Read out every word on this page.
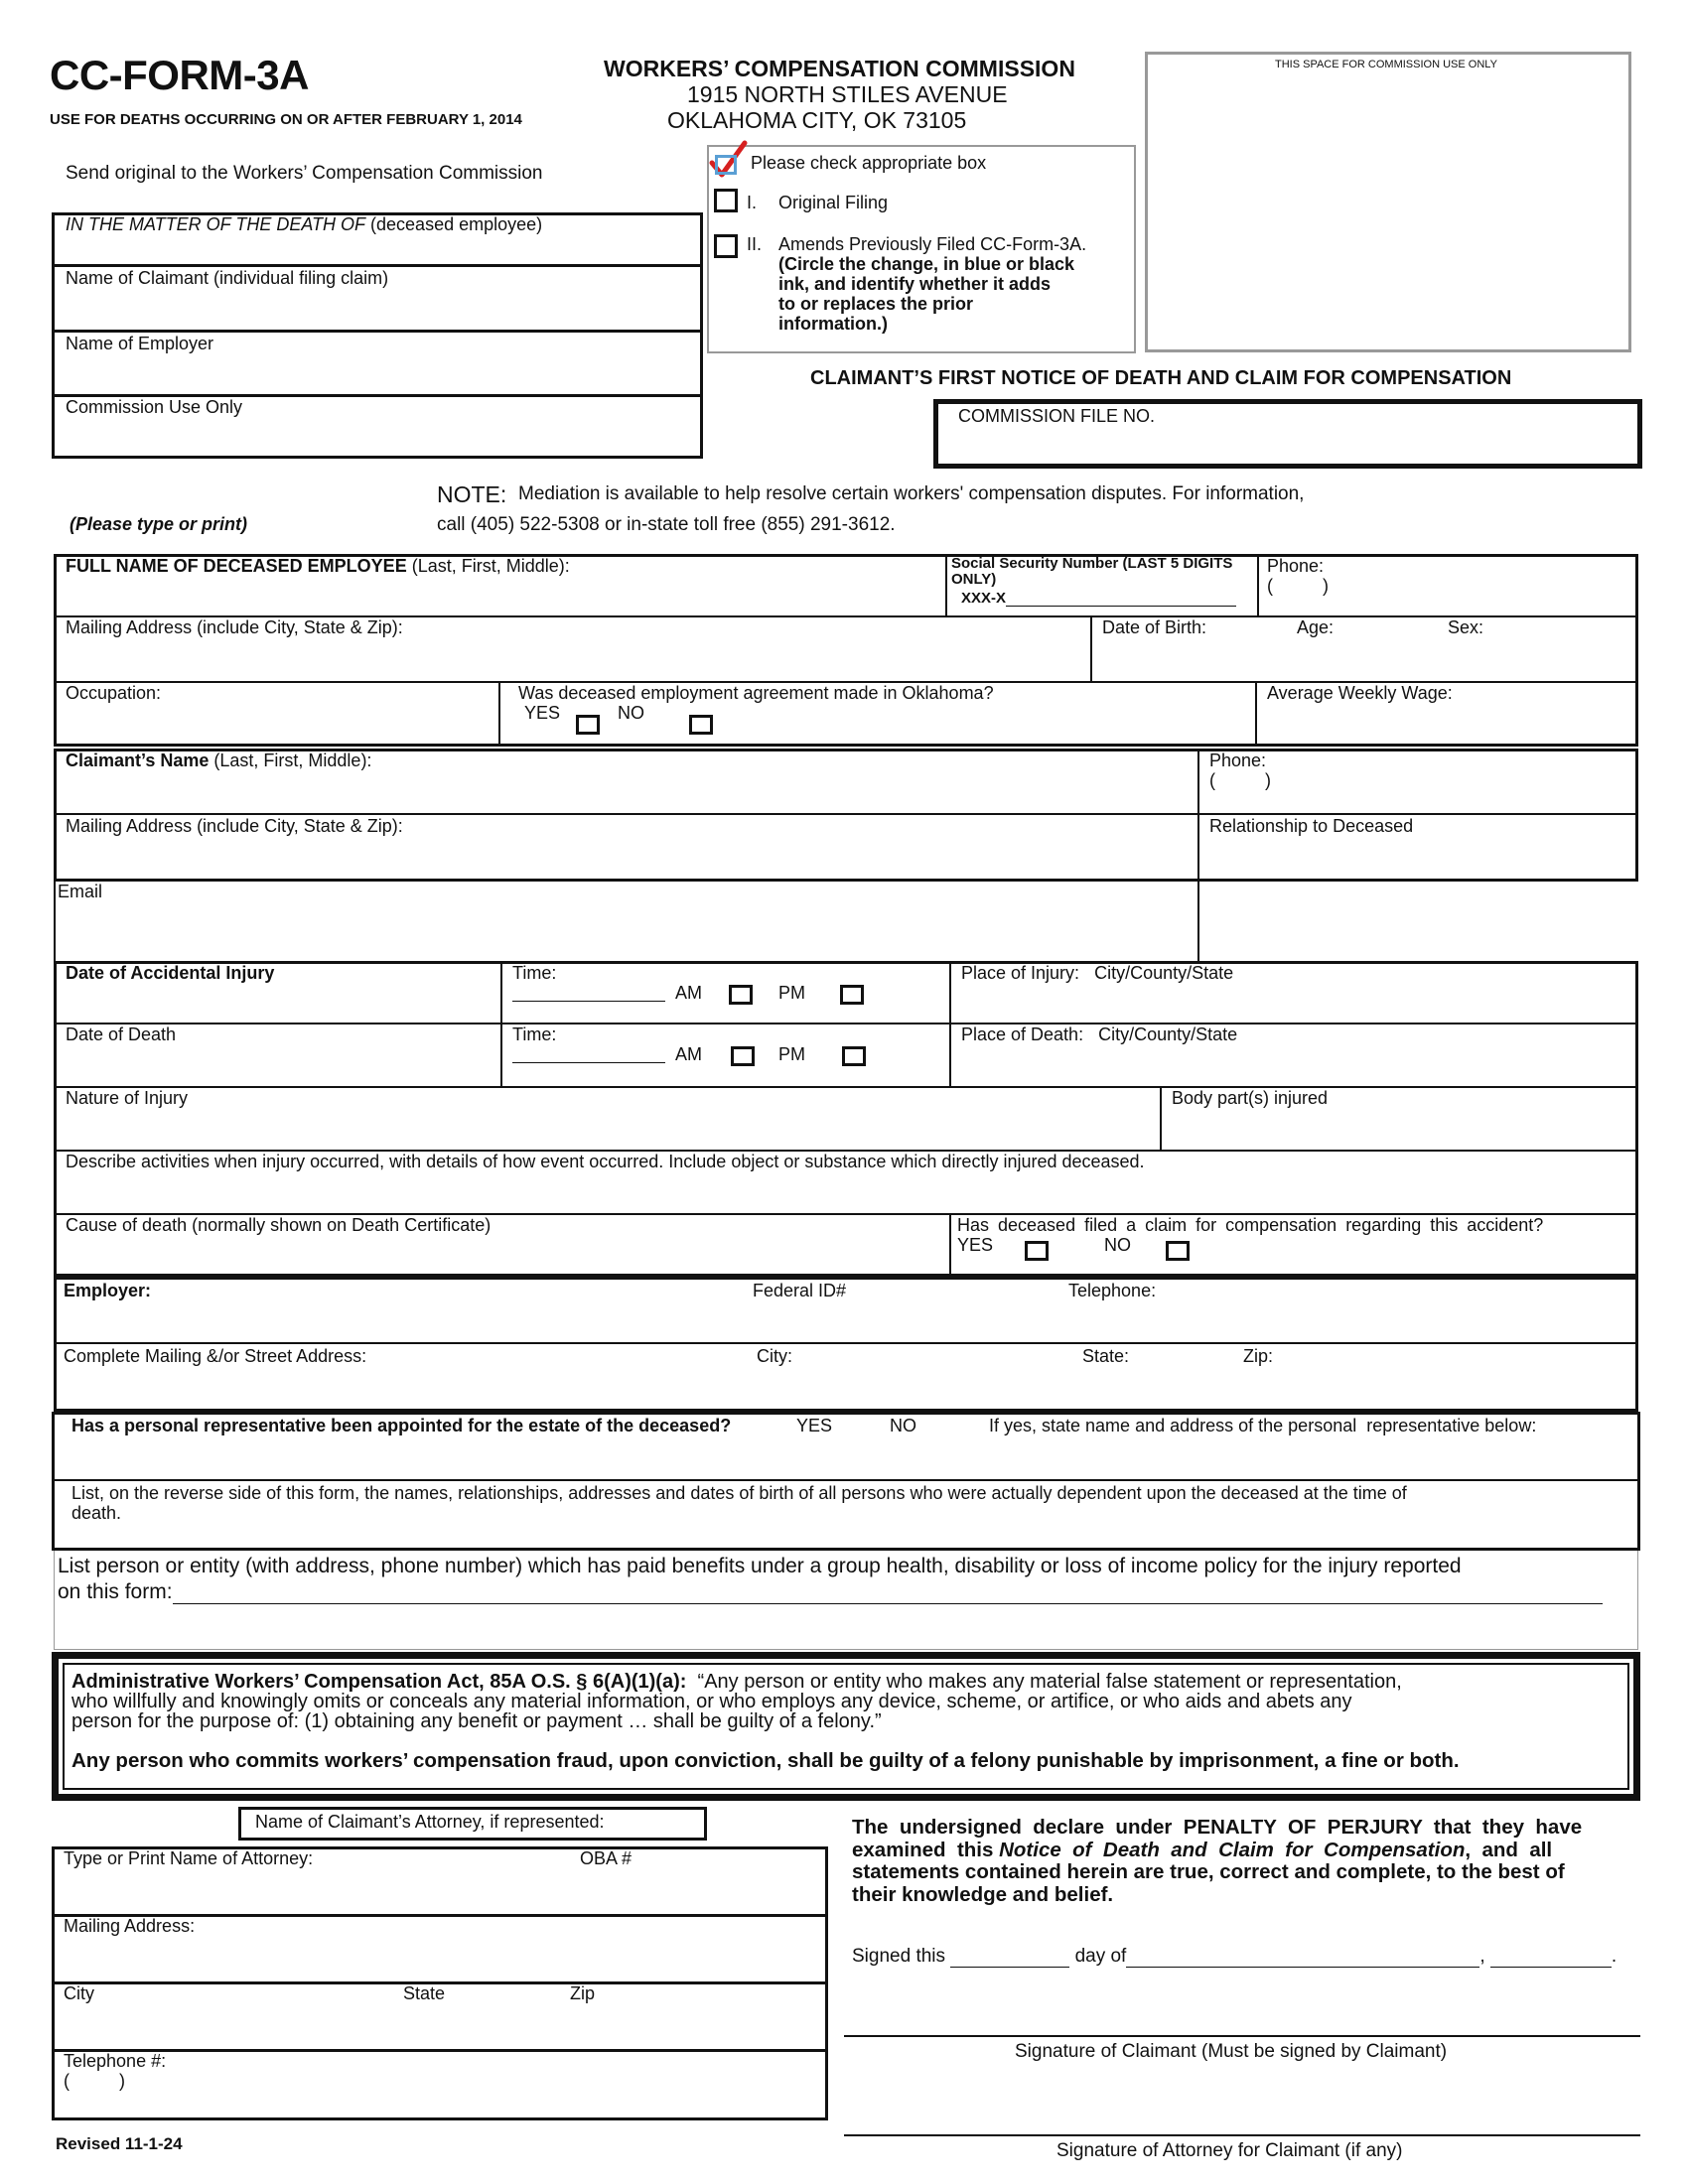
CC-FORM-3A
USE FOR DEATHS OCCURRING ON OR AFTER FEBRUARY 1, 2014
WORKERS’ COMPENSATION COMMISSION
1915 NORTH STILES AVENUE
OKLAHOMA CITY, OK 73105
THIS SPACE FOR COMMISSION USE ONLY
Send original to the Workers’ Compensation Commission
IN THE MATTER OF THE DEATH OF (deceased employee)
Name of Claimant (individual filing claim)
Name of Employer
Commission Use Only
Please check appropriate box
I. Original Filing
II. Amends Previously Filed CC-Form-3A.
(Circle the change, in blue or black
ink, and identify whether it adds
to or replaces the prior
information.)
CLAIMANT’S FIRST NOTICE OF DEATH AND CLAIM FOR COMPENSATION
COMMISSION FILE NO.
NOTE: Mediation is available to help resolve certain workers' compensation disputes. For information,
call (405) 522-5308 or in-state toll free (855) 291-3612.
(Please type or print)
FULL NAME OF DECEASED EMPLOYEE (Last, First, Middle):	Social Security Number (LAST 5 DIGITS ONLY)
XXX-X
Phone:
(          )
Mailing Address (include City, State & Zip):	Date of Birth:	Age:	Sex:
Occupation:	Was deceased employment agreement made in Oklahoma?
YES	NO
Average Weekly Wage:
Claimant’s Name (Last, First, Middle):	Phone:
(          )
Mailing Address (include City, State & Zip):	Relationship to Deceased
Email
Date of Accidental Injury	Time:
AM	PM
Place of Injury: City/County/State
Date of Death	Time:
AM	PM
Place of Death: City/County/State
Nature of Injury	Body part(s) injured
Describe activities when injury occurred, with details of how event occurred. Include object or substance which directly injured deceased.
Cause of death (normally shown on Death Certificate)	Has deceased filed a claim for compensation regarding this accident?
YES	NO
Employer:	Federal ID#	Telephone:
Complete Mailing &/or Street Address:	City:	State:	Zip:
Has a personal representative been appointed for the estate of the deceased?	YES	NO	If yes, state name and address of the personal  representative below:
List, on the reverse side of this form, the names, relationships, addresses and dates of birth of all persons who were actually dependent upon the deceased at the time of
death.
List person or entity (with address, phone number) which has paid benefits under a group health, disability or loss of income policy for the injury reported
on this form:
Administrative Workers’ Compensation Act, 85A O.S. § 6(A)(1)(a): “Any person or entity who makes any material false statement or representation,
who willfully and knowingly omits or conceals any material information, or who employs any device, scheme, or artifice, or who aids and abets any
person for the purpose of: (1) obtaining any benefit or payment … shall be guilty of a felony.”
Any person who commits workers’ compensation fraud, upon conviction, shall be guilty of a felony punishable by imprisonment, a fine or both.
Name of Claimant’s Attorney, if represented:
Type or Print Name of Attorney:	OBA #
Mailing Address:
City	State	Zip
Telephone #:
(          )
The  undersigned  declare  under  PENALTY  OF  PERJURY  that  they  have
examined  this Notice  of  Death  and  Claim  for  Compensation,  and  all
statements contained herein are true, correct and complete, to the best of
their knowledge and belief.
Signed this	day of	,	.
Signature of Claimant (Must be signed by Claimant)
Signature of Attorney for Claimant (if any)
Revised 11-1-24
